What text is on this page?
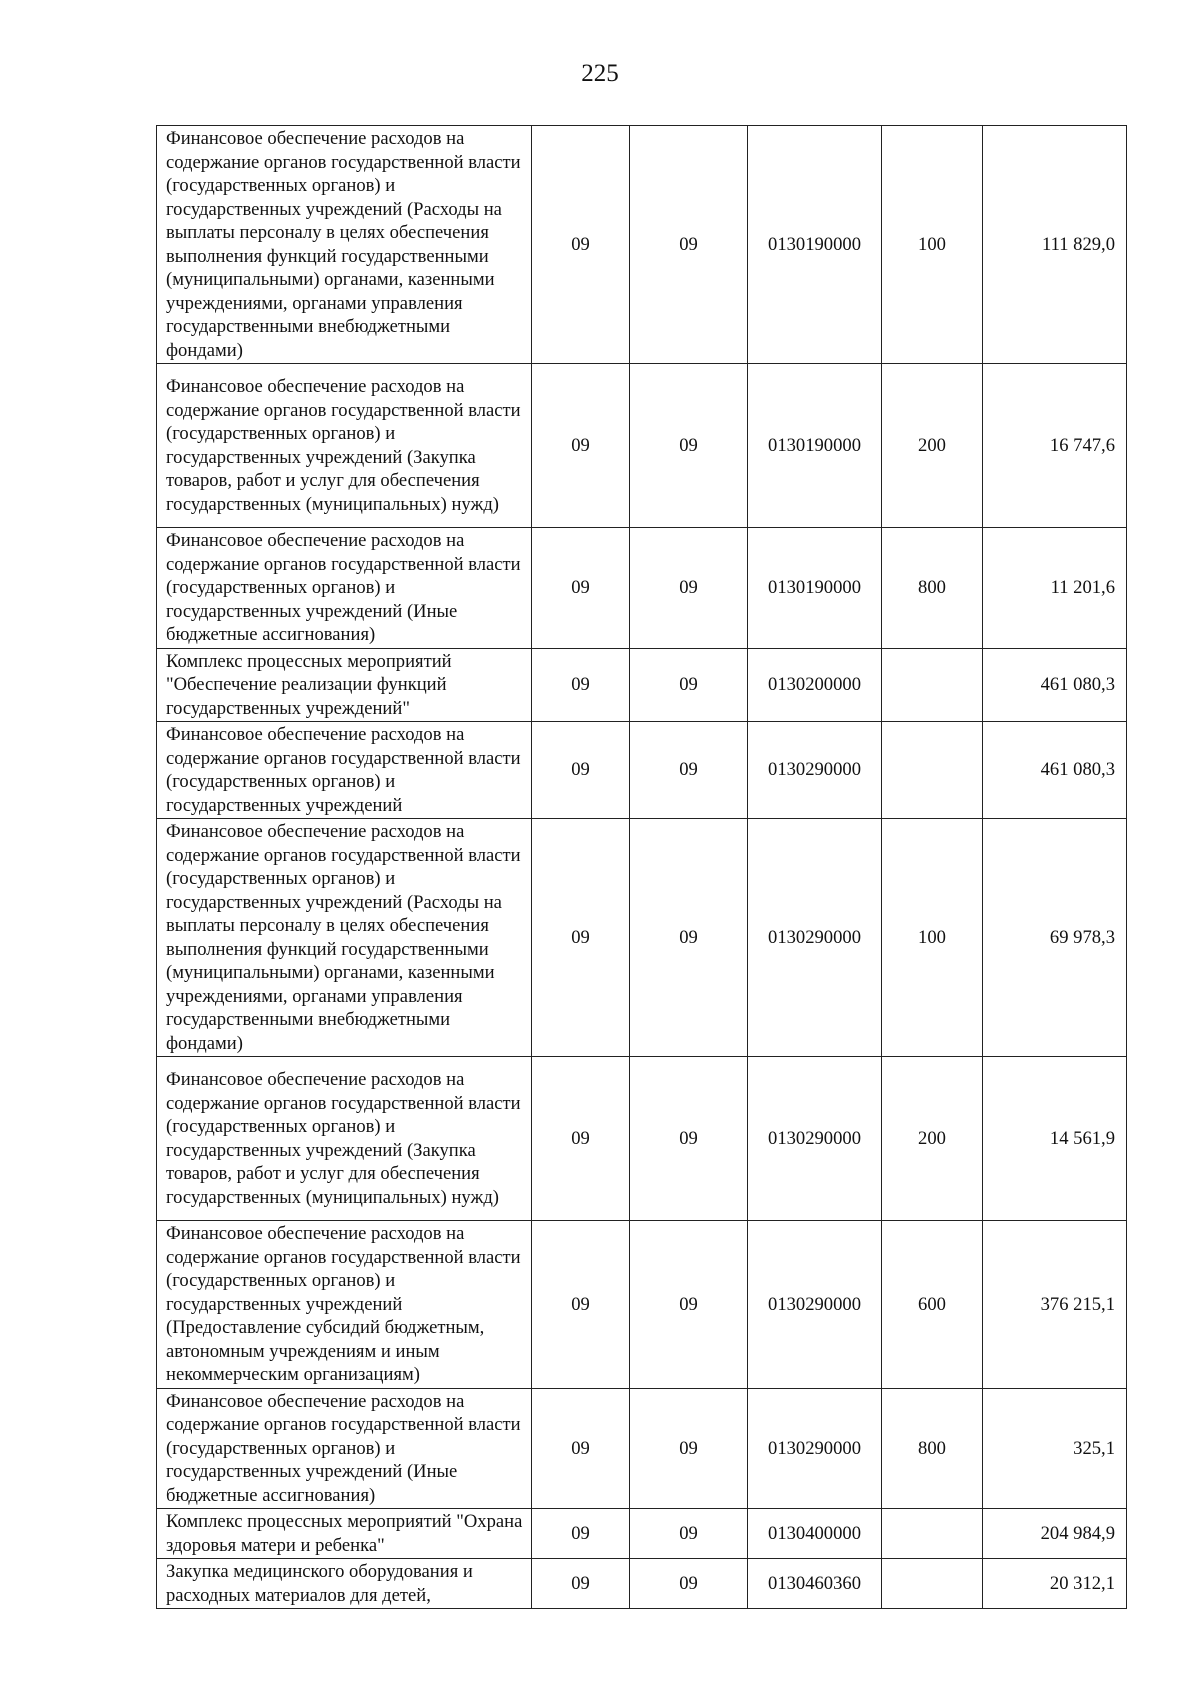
225
Финансовое обеспечение расходов на содержание органов государственной власти (государственных органов) и государственных учреждений (Расходы на выплаты персоналу в целях обеспечения выполнения функций государственными (муниципальными) органами, казенными учреждениями, органами управления государственными внебюджетными фондами)	09	09	0130190000	100	111 829,0
Финансовое обеспечение расходов на содержание органов государственной власти (государственных органов) и государственных учреждений (Закупка товаров, работ и услуг для обеспечения государственных (муниципальных) нужд)	09	09	0130190000	200	16 747,6
Финансовое обеспечение расходов на содержание органов государственной власти (государственных органов) и государственных учреждений (Иные бюджетные ассигнования)	09	09	0130190000	800	11 201,6
Комплекс процессных мероприятий "Обеспечение реализации функций государственных учреждений"	09	09	0130200000		461 080,3
Финансовое обеспечение расходов на содержание органов государственной власти (государственных органов) и государственных учреждений	09	09	0130290000		461 080,3
Финансовое обеспечение расходов на содержание органов государственной власти (государственных органов) и государственных учреждений (Расходы на выплаты персоналу в целях обеспечения выполнения функций государственными (муниципальными) органами, казенными учреждениями, органами управления государственными внебюджетными фондами)	09	09	0130290000	100	69 978,3
Финансовое обеспечение расходов на содержание органов государственной власти (государственных органов) и государственных учреждений (Закупка товаров, работ и услуг для обеспечения государственных (муниципальных) нужд)	09	09	0130290000	200	14 561,9
Финансовое обеспечение расходов на содержание органов государственной власти (государственных органов) и государственных учреждений (Предоставление субсидий бюджетным, автономным учреждениям и иным некоммерческим организациям)	09	09	0130290000	600	376 215,1
Финансовое обеспечение расходов на содержание органов государственной власти (государственных органов) и государственных учреждений (Иные бюджетные ассигнования)	09	09	0130290000	800	325,1
Комплекс процессных мероприятий "Охрана здоровья матери и ребенка"	09	09	0130400000		204 984,9
Закупка медицинского оборудования и расходных материалов для детей,	09	09	0130460360		20 312,1
